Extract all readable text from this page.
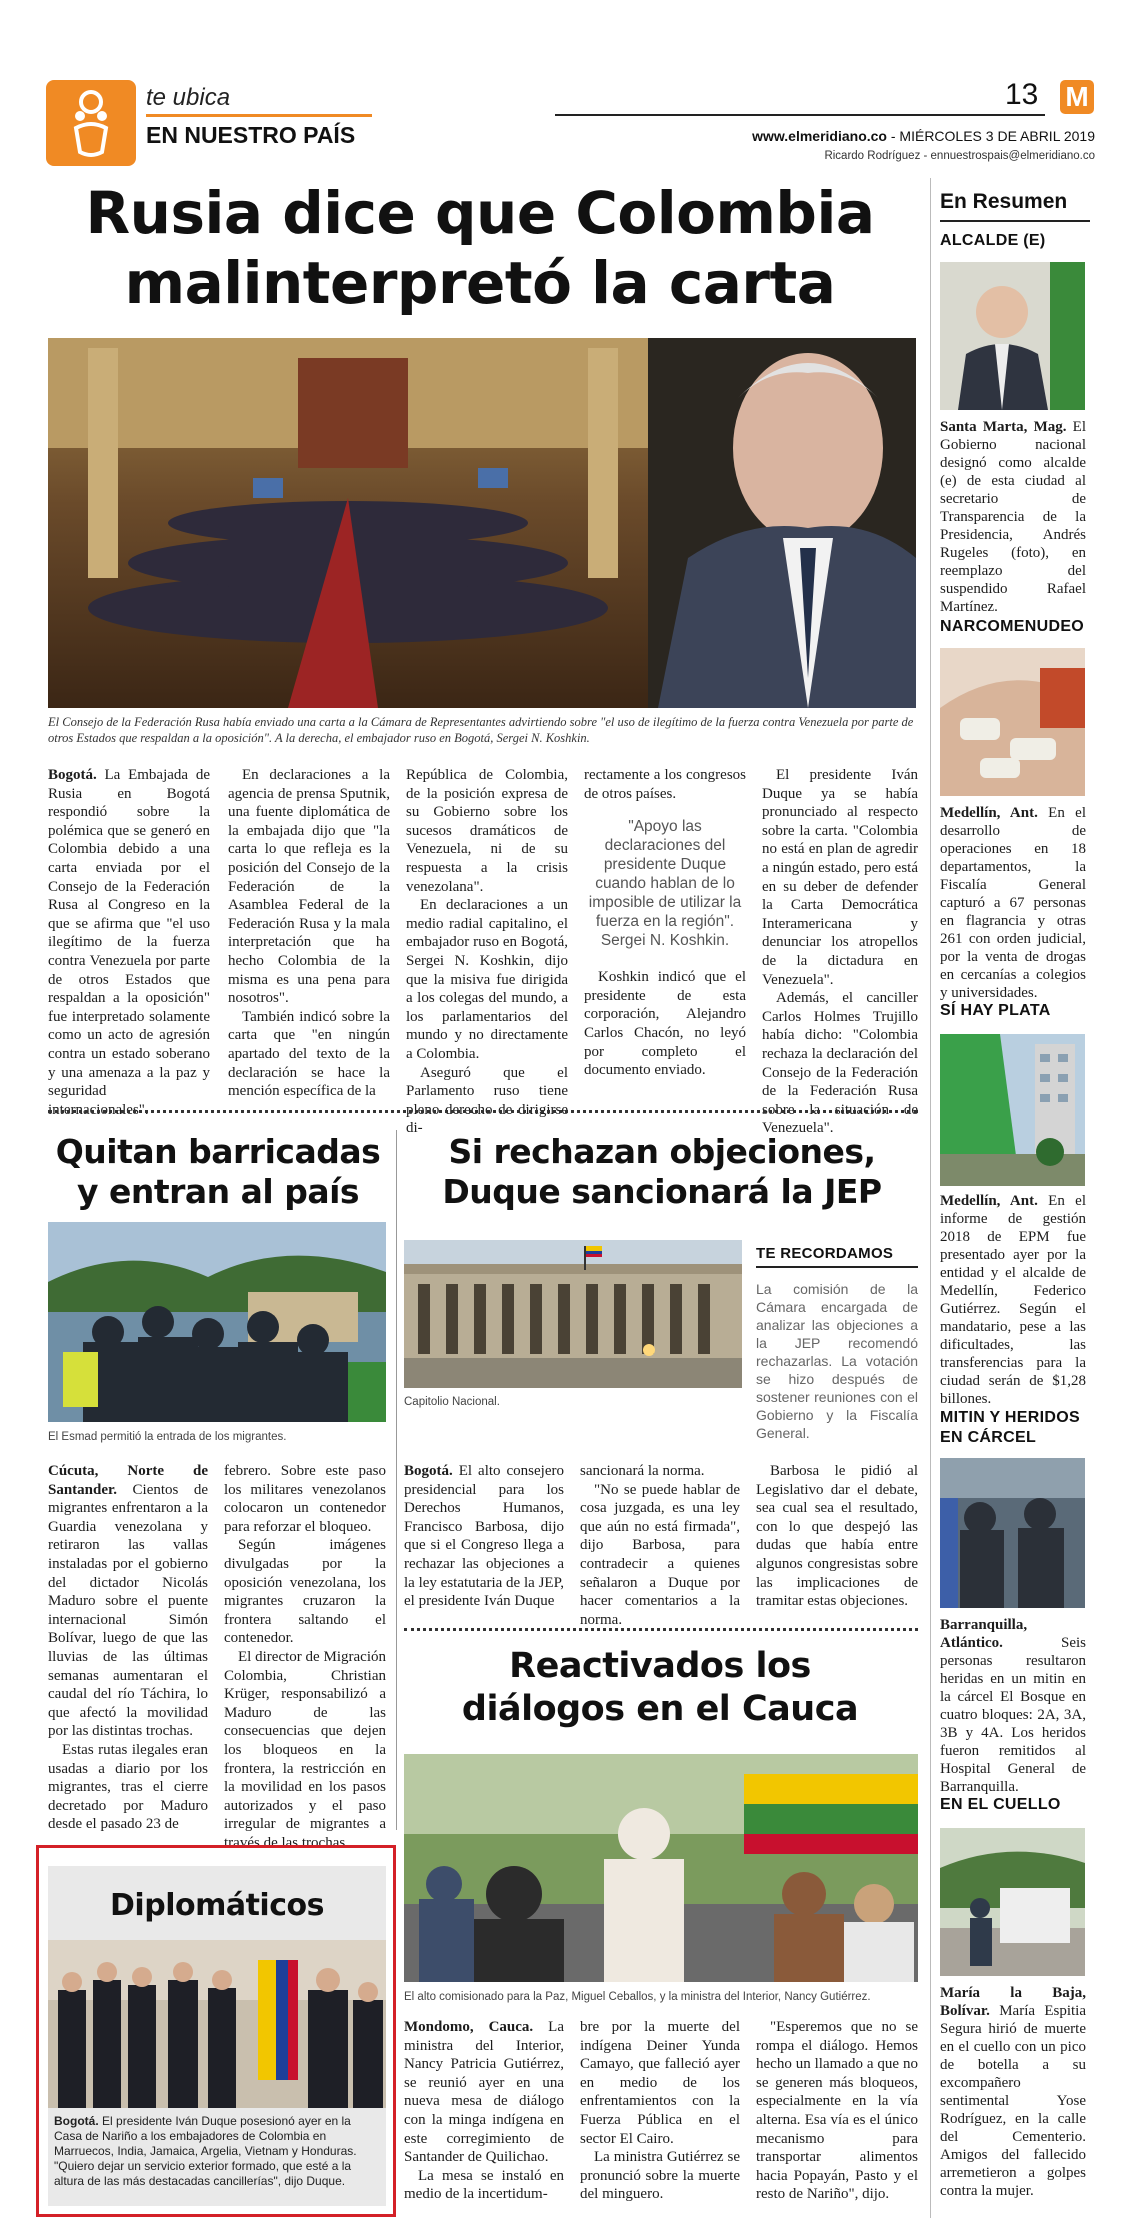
te ubica
EN NUESTRO PAÍS
13 M
www.elmeridiano.co - MIÉRCOLES 3 DE ABRIL 2019
Ricardo Rodríguez - ennuestrospais@elmeridiano.co
Rusia dice que Colombia
malinterpretó la carta
El Consejo de la Federación Rusa había enviado una carta a la Cámara de Representantes advirtiendo sobre "el uso de ilegítimo de la fuerza contra Venezuela por parte de otros Estados que respaldan a la oposición". A la derecha, el embajador ruso en Bogotá, Sergei N. Koshkin.

Bogotá. La Embajada de Rusia en Bogotá respondió sobre la polémica que se generó en Colombia debido a una carta enviada por el Consejo de la Federación Rusa al Congreso en la que se afirma que "el uso ilegítimo de la fuerza contra Venezuela por parte de otros Estados que respaldan a la oposición" fue interpretado solamente como un acto de agresión contra un estado soberano y una amenaza a la paz y seguridad internacionales".

En declaraciones a la agencia de prensa Sputnik, una fuente diplomática de la embajada dijo que "la carta lo que refleja es la posición del Consejo de la Federación de la Asamblea Federal de la Federación Rusa y la mala interpretación que ha hecho Colombia de la misma es una pena para nosotros".

También indicó sobre la carta que "en ningún apartado del texto de la declaración se hace la mención específica de la

República de Colombia, de la posición expresa de su Gobierno sobre los sucesos dramáticos de Venezuela, ni de su respuesta a la crisis venezolana".

En declaraciones a un medio radial capitalino, el embajador ruso en Bogotá, Sergei N. Koshkin, dijo que la misiva fue dirigida a los colegas del mundo, a los parlamentarios del mundo y no directamente a Colombia.

Aseguró que el Parlamento ruso tiene pleno derecho de dirigirse di-

rectamente a los congresos de otros países.

"Apoyo las declaraciones del presidente Duque cuando hablan de lo imposible de utilizar la fuerza en la región". Sergei N. Koshkin.

Koshkin indicó que el presidente de esta corporación, Alejandro Carlos Chacón, no leyó por completo el documento enviado.

El presidente Iván Duque ya se había pronunciado al respecto sobre la carta. "Colombia no está en plan de agredir a ningún estado, pero está en su deber de defender la Carta Democrática Interamericana y denunciar los atropellos de la dictadura en Venezuela".

Además, el canciller Carlos Holmes Trujillo había dicho: "Colombia rechaza la declaración del Consejo de la Federación de la Federación Rusa sobre la situación de Venezuela".

Quitan barricadas y entran al país
El Esmad permitió la entrada de los migrantes.

Cúcuta, Norte de Santander. Cientos de migrantes enfrentaron a la Guardia venezolana y retiraron las vallas instaladas por el gobierno del dictador Nicolás Maduro sobre el puente internacional Simón Bolívar, luego de que las lluvias de las últimas semanas aumentaran el caudal del río Táchira, lo que afectó la movilidad por las distintas trochas.

Estas rutas ilegales eran usadas a diario por los migrantes, tras el cierre decretado por Maduro desde el pasado 23 de

febrero. Sobre este paso los militares venezolanos colocaron un contenedor para reforzar el bloqueo.

Según imágenes divulgadas por la oposición venezolana, los migrantes cruzaron la frontera saltando el contenedor.

El director de Migración Colombia, Christian Krüger, responsabilizó a Maduro de las consecuencias que dejen los bloqueos en la frontera, la restricción en la movilidad en los pasos autorizados y el paso irregular de migrantes a través de las trochas.

Diplomáticos
Bogotá. El presidente Iván Duque posesionó ayer en la Casa de Nariño a los embajadores de Colombia en Marruecos, India, Jamaica, Argelia, Vietnam y Honduras. "Quiero dejar un servicio exterior formado, que esté a la altura de las más destacadas cancillerías", dijo Duque.
Si rechazan objeciones, Duque sancionará la JEP
Capitolio Nacional.
TE RECORDAMOS
La comisión de la Cámara encargada de analizar las objeciones a la JEP recomendó rechazarlas. La votación se hizo después de sostener reuniones con el Gobierno y la Fiscalía General.

Bogotá. El alto consejero presidencial para los Derechos Humanos, Francisco Barbosa, dijo que si el Congreso llega a rechazar las objeciones a la ley estatutaria de la JEP, el presidente Iván Duque

sancionará la norma.

"No se puede hablar de cosa juzgada, es una ley que aún no está firmada", dijo Barbosa, para contradecir a quienes señalaron a Duque por hacer comentarios a la norma.

Barbosa le pidió al Legislativo dar el debate, sea cual sea el resultado, con lo que despejó las dudas que había entre algunos congresistas sobre las implicaciones de tramitar estas objeciones.

Reactivados los diálogos en el Cauca
El alto comisionado para la Paz, Miguel Ceballos, y la ministra del Interior, Nancy Gutiérrez.

Mondomo, Cauca. La ministra del Interior, Nancy Patricia Gutiérrez, se reunió ayer en una nueva mesa de diálogo con la minga indígena en este corregimiento de Santander de Quilichao.

La mesa se instaló en medio de la incertidum-

bre por la muerte del indígena Deiner Yunda Camayo, que falleció ayer en medio de los enfrentamientos con la Fuerza Pública en el sector El Cairo.

La ministra Gutiérrez se pronunció sobre la muerte del minguero.

"Esperemos que no se rompa el diálogo. Hemos hecho un llamado a que no se generen más bloqueos, especialmente en la vía alterna. Esa vía es el único mecanismo para transportar alimentos hacia Popayán, Pasto y el resto de Nariño", dijo.

En Resumen
ALCALDE (E)
Santa Marta, Mag. El Gobierno nacional designó como alcalde (e) de esta ciudad al secretario de Transparencia de la Presidencia, Andrés Rugeles (foto), en reemplazo del suspendido Rafael Martínez.
NARCOMENUDEO
Medellín, Ant. En el desarrollo de operaciones en 18 departamentos, la Fiscalía General capturó a 67 personas en flagrancia y otras 261 con orden judicial, por la venta de drogas en cercanías a colegios y universidades.
SÍ HAY PLATA
Medellín, Ant. En el informe de gestión 2018 de EPM fue presentado ayer por la entidad y el alcalde de Medellín, Federico Gutiérrez. Según el mandatario, pese a las dificultades, las transferencias para la ciudad serán de $1,28 billones.
MITIN Y HERIDOS EN CÁRCEL
Barranquilla, Atlántico.	Seis personas resultaron heridas en un mitin en la cárcel El Bosque en cuatro bloques: 2A, 3A, 3B y 4A. Los heridos fueron remitidos al Hospital General de Barranquilla.
EN EL CUELLO
María la Baja, Bolívar. María Espitia Segura hirió de muerte en el cuello con un pico de botella a su excompañero sentimental Yose Rodríguez, en la calle del Cementerio. Amigos del fallecido arremetieron a golpes contra la mujer.
